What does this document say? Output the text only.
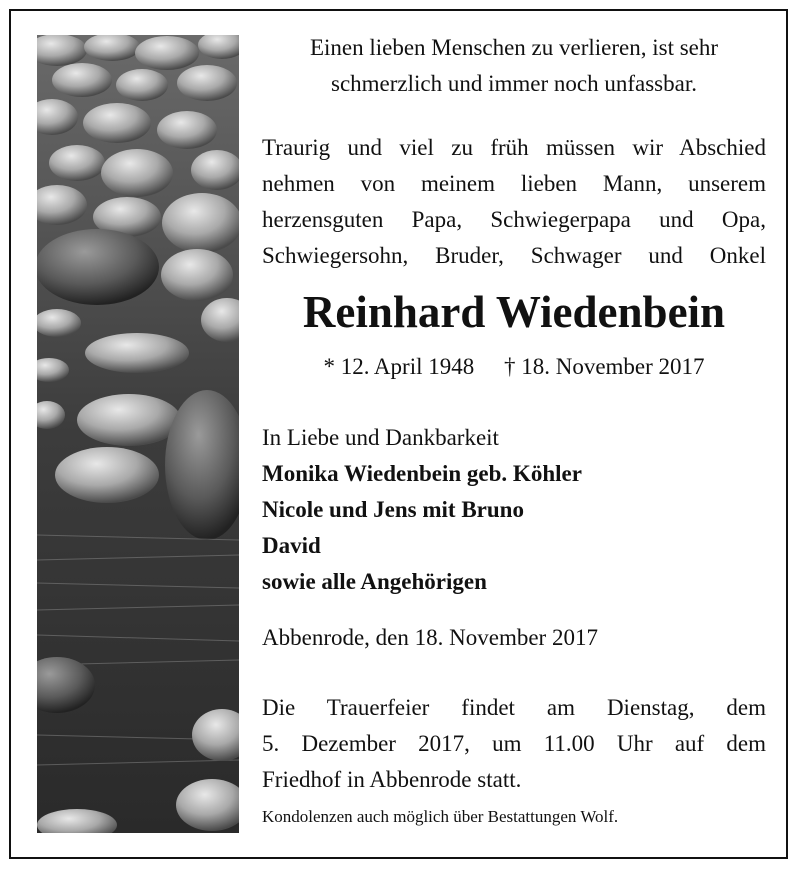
Einen lieben Menschen zu verlieren, ist sehr
schmerzlich und immer noch unfassbar.
Traurig und viel zu früh müssen wir Abschied
nehmen von meinem lieben Mann, unserem
herzensguten Papa, Schwiegerpapa und Opa,
Schwiegersohn, Bruder, Schwager und Onkel
Reinhard Wiedenbein
* 12. April 1948 † 18. November 2017
In Liebe und Dankbarkeit
Monika Wiedenbein geb. Köhler
Nicole und Jens mit Bruno
David
sowie alle Angehörigen
Abbenrode, den 18. November 2017
Die Trauerfeier findet am Dienstag, dem
5. Dezember 2017, um 11.00 Uhr auf dem
Friedhof in Abbenrode statt.
Kondolenzen auch möglich über Bestattungen Wolf.
